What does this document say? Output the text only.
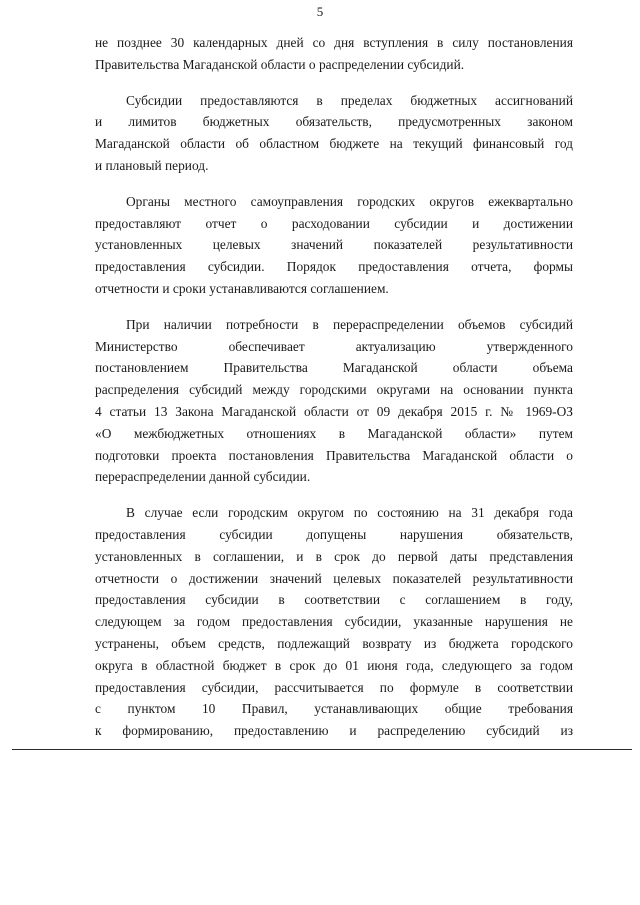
5

не позднее 30 календарных дней со дня вступления в силу постановления
Правительства Магаданской области о распределении субсидий.

Субсидии предоставляются в пределах бюджетных ассигнований
и лимитов бюджетных обязательств, предусмотренных законом
Магаданской области об областном бюджете на текущий финансовый год
и плановый период.

Органы местного самоуправления городских округов ежеквартально
предоставляют отчет о расходовании субсидии и достижении
установленных целевых значений показателей результативности
предоставления субсидии. Порядок предоставления отчета, формы
отчетности и сроки устанавливаются соглашением.

При наличии потребности в перераспределении объемов субсидий
Министерство обеспечивает актуализацию утвержденного
постановлением Правительства Магаданской области объема
распределения субсидий между городскими округами на основании пункта
4 статьи 13 Закона Магаданской области от 09 декабря 2015 г. № 1969-ОЗ
«О межбюджетных отношениях в Магаданской области» путем
подготовки проекта постановления Правительства Магаданской области о
перераспределении данной субсидии.

В случае если городским округом по состоянию на 31 декабря года
предоставления субсидии допущены нарушения обязательств,
установленных в соглашении, и в срок до первой даты представления
отчетности о достижении значений целевых показателей результативности
предоставления субсидии в соответствии с соглашением в году,
следующем за годом предоставления субсидии, указанные нарушения не
устранены, объем средств, подлежащий возврату из бюджета городского
округа в областной бюджет в срок до 01 июня года, следующего за годом
предоставления субсидии, рассчитывается по формуле в соответствии
с пунктом 10 Правил, устанавливающих общие требования
к формированию, предоставлению и распределению субсидий из
